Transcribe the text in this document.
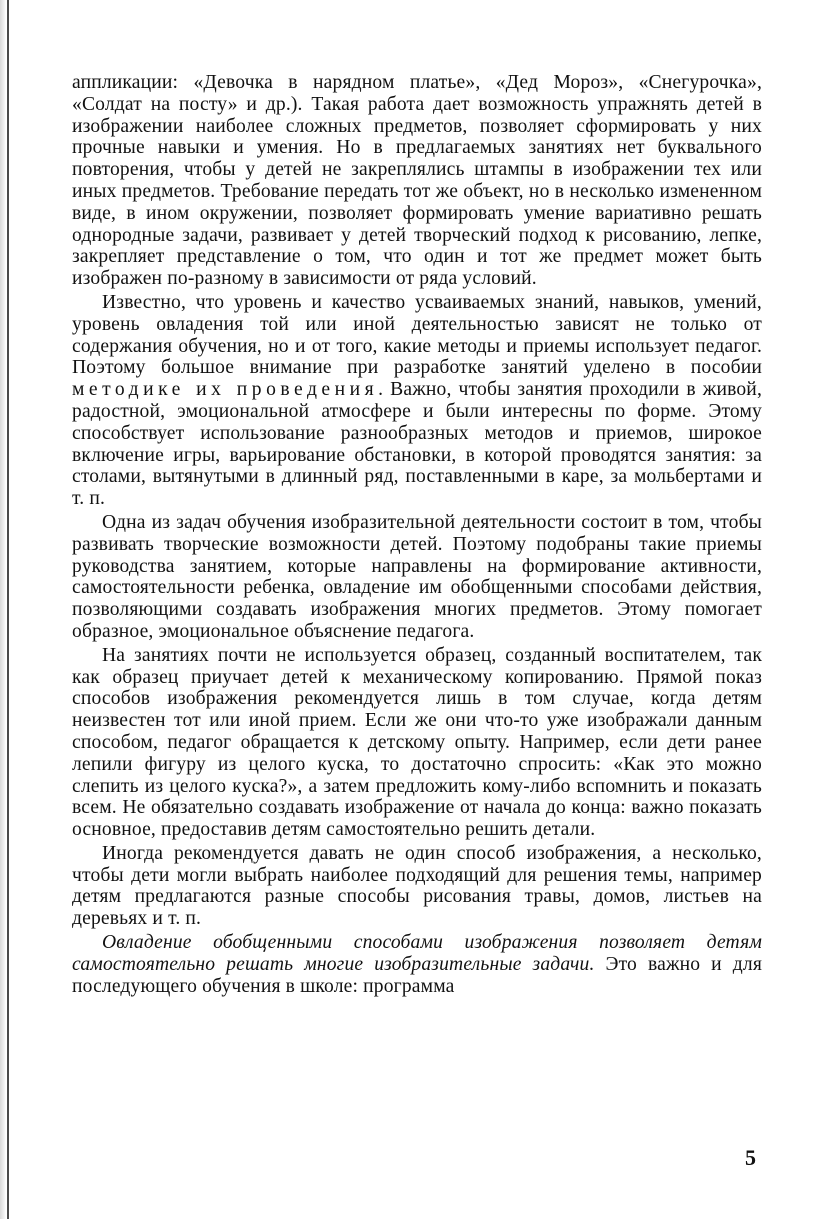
аппликации: «Девочка в нарядном платье», «Дед Мороз», «Снегурочка», «Солдат на посту» и др.). Такая работа дает возможность упражнять детей в изображении наиболее сложных предметов, позволяет сформировать у них прочные навыки и умения. Но в предлагаемых занятиях нет буквального повторения, чтобы у детей не закреплялись штампы в изображении тех или иных предметов. Требование передать тот же объект, но в несколько измененном виде, в ином окружении, позволяет формировать умение вариативно решать однородные задачи, развивает у детей творческий подход к рисованию, лепке, закрепляет представление о том, что один и тот же предмет может быть изображен по-разному в зависимости от ряда условий.

Известно, что уровень и качество усваиваемых знаний, навыков, умений, уровень овладения той или иной деятельностью зависят не только от содержания обучения, но и от того, какие методы и приемы использует педагог. Поэтому большое внимание при разработке занятий уделено в пособии методике их проведения. Важно, чтобы занятия проходили в живой, радостной, эмоциональной атмосфере и были интересны по форме. Этому способствует использование разнообразных методов и приемов, широкое включение игры, варьирование обстановки, в которой проводятся занятия: за столами, вытянутыми в длинный ряд, поставленными в каре, за мольбертами и т. п.

Одна из задач обучения изобразительной деятельности состоит в том, чтобы развивать творческие возможности детей. Поэтому подобраны такие приемы руководства занятием, которые направлены на формирование активности, самостоятельности ребенка, овладение им обобщенными способами действия, позволяющими создавать изображения многих предметов. Этому помогает образное, эмоциональное объяснение педагога.

На занятиях почти не используется образец, созданный воспитателем, так как образец приучает детей к механическому копированию. Прямой показ способов изображения рекомендуется лишь в том случае, когда детям неизвестен тот или иной прием. Если же они что-то уже изображали данным способом, педагог обращается к детскому опыту. Например, если дети ранее лепили фигуру из целого куска, то достаточно спросить: «Как это можно слепить из целого куска?», а затем предложить кому-либо вспомнить и показать всем. Не обязательно создавать изображение от начала до конца: важно показать основное, предоставив детям самостоятельно решить детали.

Иногда рекомендуется давать не один способ изображения, а несколько, чтобы дети могли выбрать наиболее подходящий для решения темы, например детям предлагаются разные способы рисования травы, домов, листьев на деревьях и т. п.

Овладение обобщенными способами изображения позволяет детям самостоятельно решать многие изобразительные задачи. Это важно и для последующего обучения в школе: программа

5
